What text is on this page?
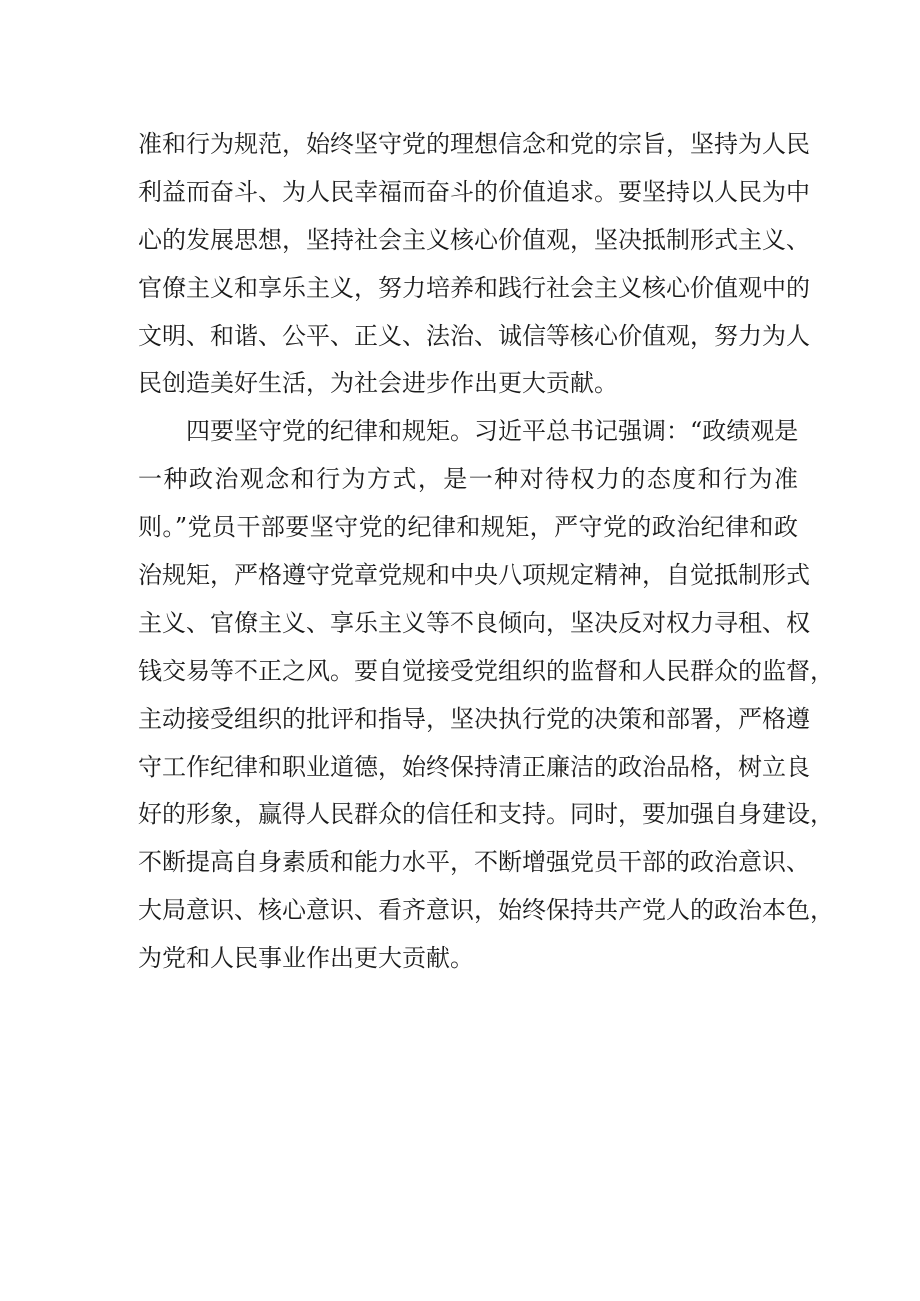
准和行为规范，始终坚守党的理想信念和党的宗旨，坚持为人民
利益而奋斗、为人民幸福而奋斗的价值追求。要坚持以人民为中
心的发展思想，坚持社会主义核心价值观，坚决抵制形式主义、
官僚主义和享乐主义，努力培养和践行社会主义核心价值观中的
文明、和谐、公平、正义、法治、诚信等核心价值观，努力为人
民创造美好生活，为社会进步作出更大贡献。
四要坚守党的纪律和规矩。习近平总书记强调：“政绩观是
一种政治观念和行为方式，是一种对待权力的态度和行为准
则。”党员干部要坚守党的纪律和规矩，严守党的政治纪律和政
治规矩，严格遵守党章党规和中央八项规定精神，自觉抵制形式
主义、官僚主义、享乐主义等不良倾向，坚决反对权力寻租、权
钱交易等不正之风。要自觉接受党组织的监督和人民群众的监督，
主动接受组织的批评和指导，坚决执行党的决策和部署，严格遵
守工作纪律和职业道德，始终保持清正廉洁的政治品格，树立良
好的形象，赢得人民群众的信任和支持。同时，要加强自身建设，
不断提高自身素质和能力水平，不断增强党员干部的政治意识、
大局意识、核心意识、看齐意识，始终保持共产党人的政治本色，
为党和人民事业作出更大贡献。
